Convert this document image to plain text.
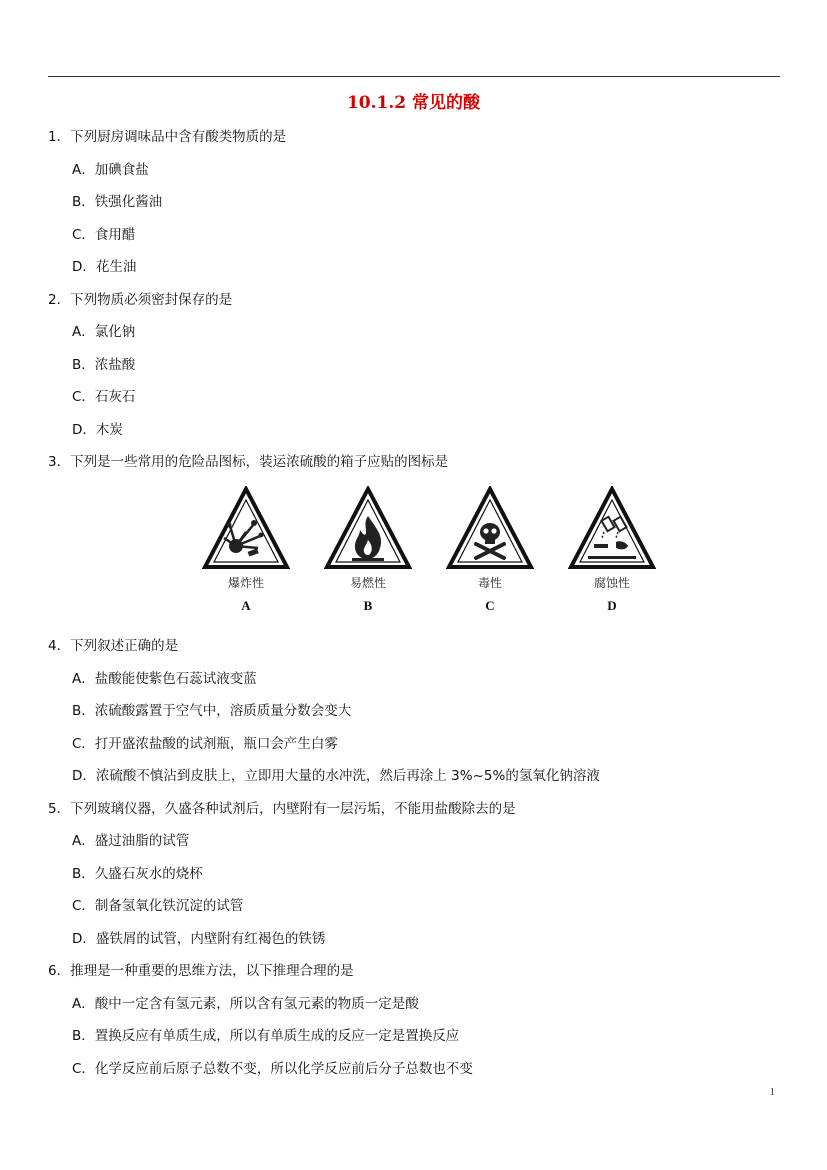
10.1.2 常见的酸
1．下列厨房调味品中含有酸类物质的是
A．加碘食盐
B．铁强化酱油
C．食用醋
D．花生油
2．下列物质必须密封保存的是
A．氯化钠
B．浓盐酸
C．石灰石
D．木炭
3．下列是一些常用的危险品图标，装运浓硫酸的箱子应贴的图标是
爆炸性
A
易燃性
B
毒性
C
腐蚀性
D
4．下列叙述正确的是
A．盐酸能使紫色石蕊试液变蓝
B．浓硫酸露置于空气中，溶质质量分数会变大
C．打开盛浓盐酸的试剂瓶，瓶口会产生白雾
D．浓硫酸不慎沾到皮肤上，立即用大量的水冲洗，然后再涂上 3%~5%的氢氧化钠溶液
5．下列玻璃仪器，久盛各种试剂后，内壁附有一层污垢，不能用盐酸除去的是
A．盛过油脂的试管
B．久盛石灰水的烧杯
C．制备氢氧化铁沉淀的试管
D．盛铁屑的试管，内壁附有红褐色的铁锈
6．推理是一种重要的思维方法，以下推理合理的是
A．酸中一定含有氢元素，所以含有氢元素的物质一定是酸
B．置换反应有单质生成，所以有单质生成的反应一定是置换反应
C．化学反应前后原子总数不变，所以化学反应前后分子总数也不变
1
